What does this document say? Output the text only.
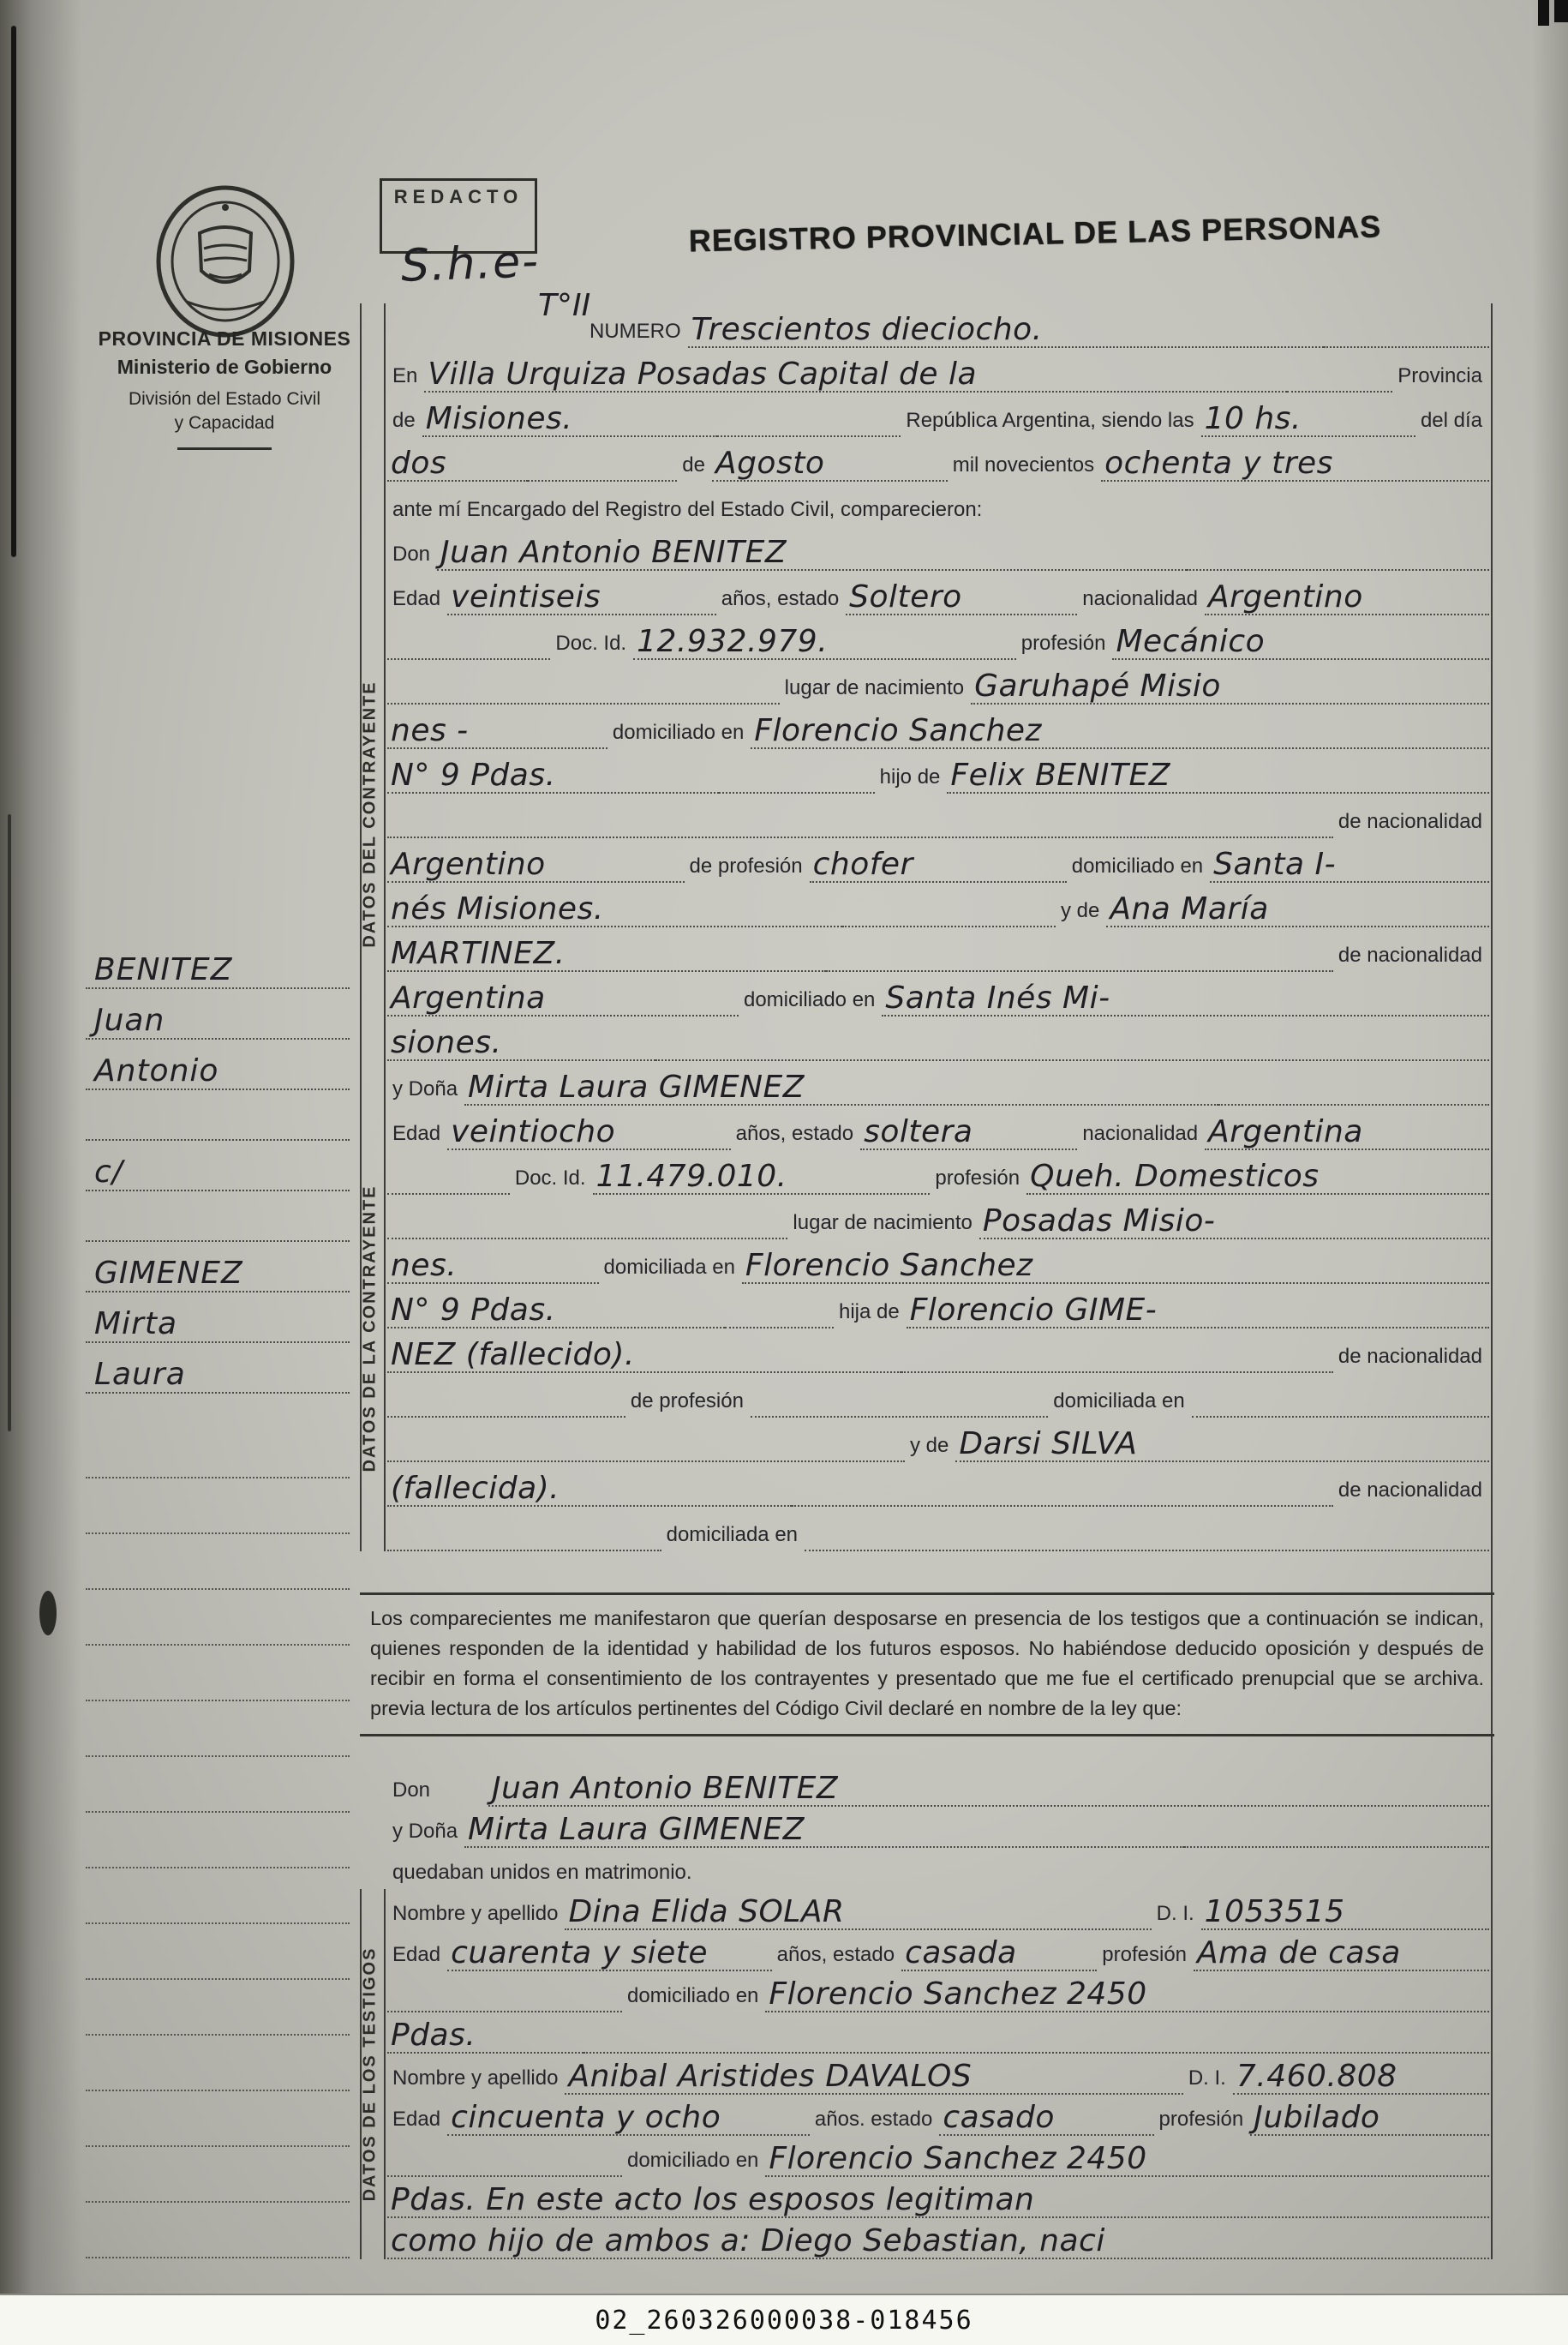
REDACTO
S.h.e-
T°II
REGISTRO PROVINCIAL DE LAS PERSONAS
PROVINCIA DE MISIONES
Ministerio de Gobierno
División del Estado Civil
y Capacidad
BENITEZ
Juan
Antonio
c/
GIMENEZ
Mirta
Laura
DATOS DEL CONTRAYENTE
DATOS DE LA CONTRAYENTE
DATOS DE LOS TESTIGOS
NUMERO Trescientos dieciocho.
En Villa Urquiza Posadas Capital de la	Provincia
de Misiones.	República Argentina, siendo las 10 hs.	del día
dos	de Agosto	mil novecientos ochenta y tres
ante mí Encargado del Registro del Estado Civil, comparecieron:
Don Juan Antonio BENITEZ
Edad veintiseis	años, estado Soltero	nacionalidad Argentino
Doc. Id. 12.932.979.	profesión Mecánico
lugar de nacimiento Garuhapé Misio
nes -	domiciliado en Florencio Sanchez
N° 9 Pdas.	hijo de Felix BENITEZ
de nacionalidad
Argentino	de profesión chofer	domiciliado en Santa I-
nés Misiones.	y de Ana María
MARTINEZ.	de nacionalidad
Argentina	domiciliado en Santa Inés Mi-
siones.
y Doña Mirta Laura GIMENEZ
Edad veintiocho	años, estado soltera	nacionalidad Argentina
Doc. Id. 11.479.010.	profesión Queh. Domesticos
lugar de nacimiento Posadas Misio-
nes.	domiciliada en Florencio Sanchez
N° 9 Pdas.	hija de Florencio GIME-
NEZ (fallecido).	de nacionalidad
de profesión	domiciliada en
y de Darsi SILVA
(fallecida).	de nacionalidad
domiciliada en
Los comparecientes me manifestaron que querían desposarse en presencia de los testigos que a continuación se indican, quienes responden de la identidad y habilidad de los futuros esposos. No habiéndose deducido oposición y después de recibir en forma el consentimiento de los contrayentes y presentado que me fue el certificado prenupcial que se archiva. previa lectura de los artículos pertinentes del Código Civil declaré en nombre de la ley que:
Don Juan Antonio BENITEZ
y Doña Mirta Laura GIMENEZ
quedaban unidos en matrimonio.
Nombre y apellido Dina Elida SOLAR	D. I. 1053515
Edad cuarenta y siete	años, estado casada	profesión Ama de casa
domiciliado en Florencio Sanchez 2450
Pdas.
Nombre y apellido Anibal Aristides DAVALOS	D. I. 7.460.808
Edad cincuenta y ocho	años. estado casado	profesión Jubilado
domiciliado en Florencio Sanchez 2450
Pdas. En este acto los esposos legitiman
como hijo de ambos a: Diego Sebastian, naci
02_260326000038-018456
